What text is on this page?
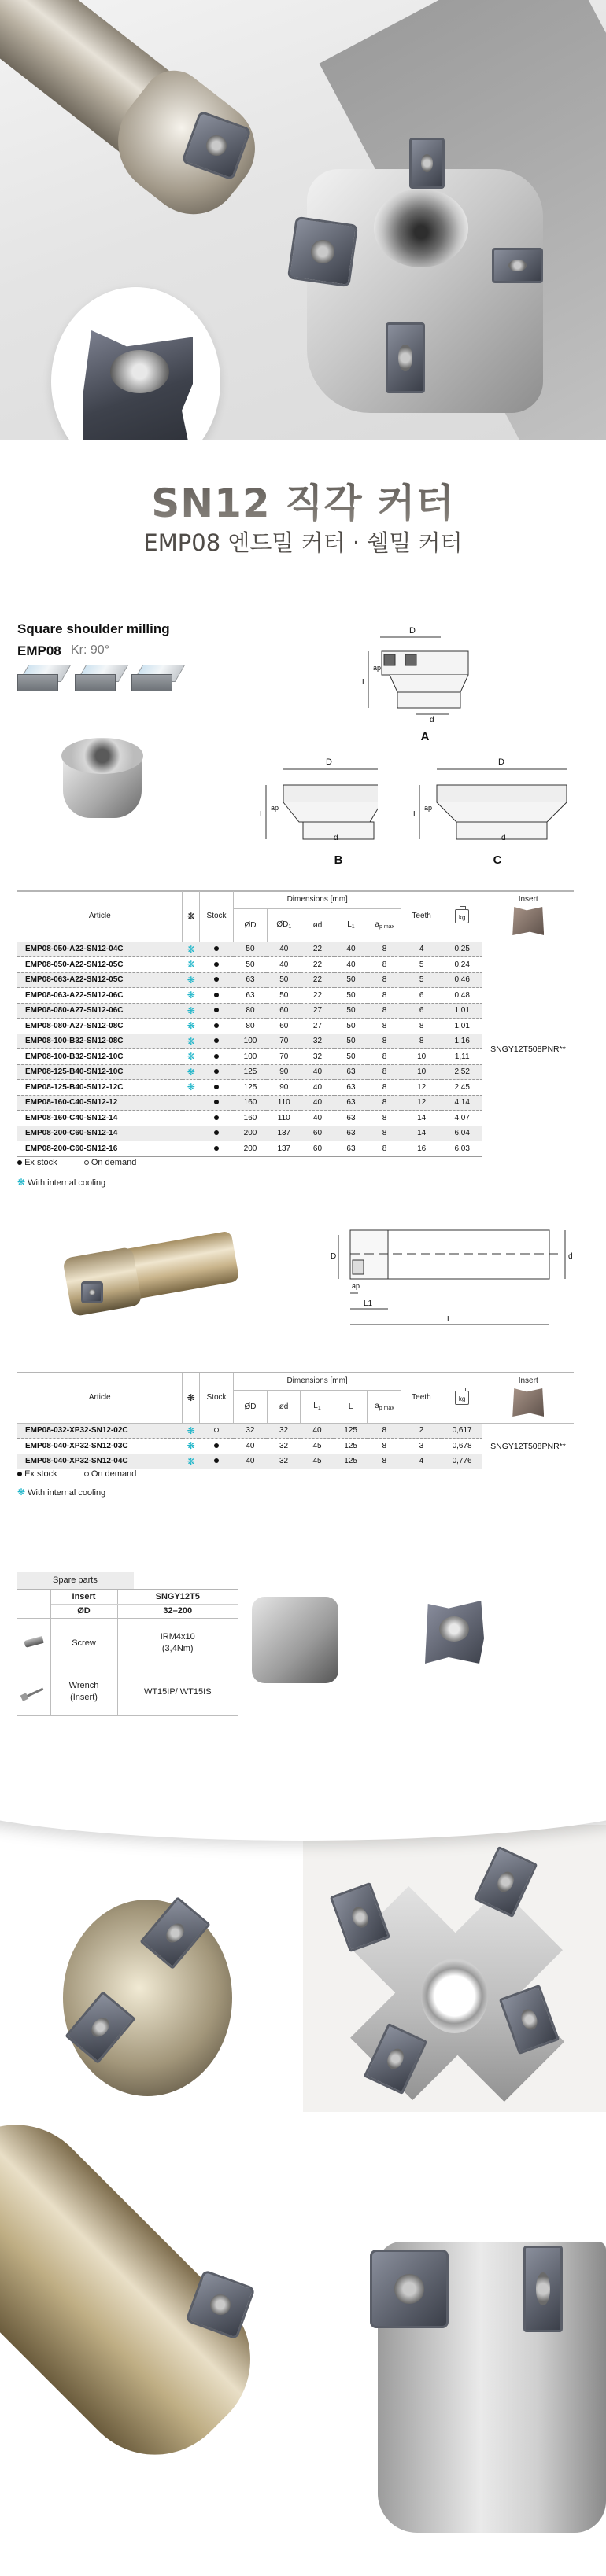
SN12 직각 커터
EMP08 엔드밀 커터 · 쉘밀 커터
Square shoulder milling
EMP08 Kr: 90°
D
L
ap
d
A
D
L
ap
d
B
D
L
ap
d
C
Article	❋	Stock	Dimensions [mm]					Teeth	kg	Insert

			ØD	$ØD_1$	ød	$L_1$	$a_{p max}$
EMP08-050-A22-SN12-04C	❋		50	40	22	40	8	4	0,25	SNGY12T508PNR**
EMP08-050-A22-SN12-05C	❋		50	40	22	40	8	5	0,24	
EMP08-063-A22-SN12-05C	❋		63	50	22	50	8	5	0,46	
EMP08-063-A22-SN12-06C	❋		63	50	22	50	8	6	0,48	
EMP08-080-A27-SN12-06C	❋		80	60	27	50	8	6	1,01	
EMP08-080-A27-SN12-08C	❋		80	60	27	50	8	8	1,01	
EMP08-100-B32-SN12-08C	❋		100	70	32	50	8	8	1,16	
EMP08-100-B32-SN12-10C	❋		100	70	32	50	8	10	1,11	
EMP08-125-B40-SN12-10C	❋		125	90	40	63	8	10	2,52	
EMP08-125-B40-SN12-12C	❋		125	90	40	63	8	12	2,45	
EMP08-160-C40-SN12-12			160	110	40	63	8	12	4,14	
EMP08-160-C40-SN12-14			160	110	40	63	8	14	4,07	
EMP08-200-C60-SN12-14			200	137	60	63	8	14	6,04	
EMP08-200-C60-SN12-16			200	137	60	63	8	16	6,03	
Ex stock	On demand
❋ With internal cooling
D	d
ap
L1
L
Article	❋	Stock	Dimensions [mm]					Teeth	kg	Insert

			ØD	ød	$L_1$	L	$a_{p max}$
EMP08-032-XP32-SN12-02C	❋		32	32	40	125	8	2	0,617	SNGY12T508PNR**
EMP08-040-XP32-SN12-03C	❋		40	32	45	125	8	3	0,678	
EMP08-040-XP32-SN12-04C	❋		40	32	45	125	8	4	0,776	
Ex stock	On demand
❋ With internal cooling
Spare parts
	Insert	SNGY12T5
	ØD	32–200
	Screw	IRM4x10
(3,4Nm)

	Wrench
(Insert)	WT15IP/ WT15IS
